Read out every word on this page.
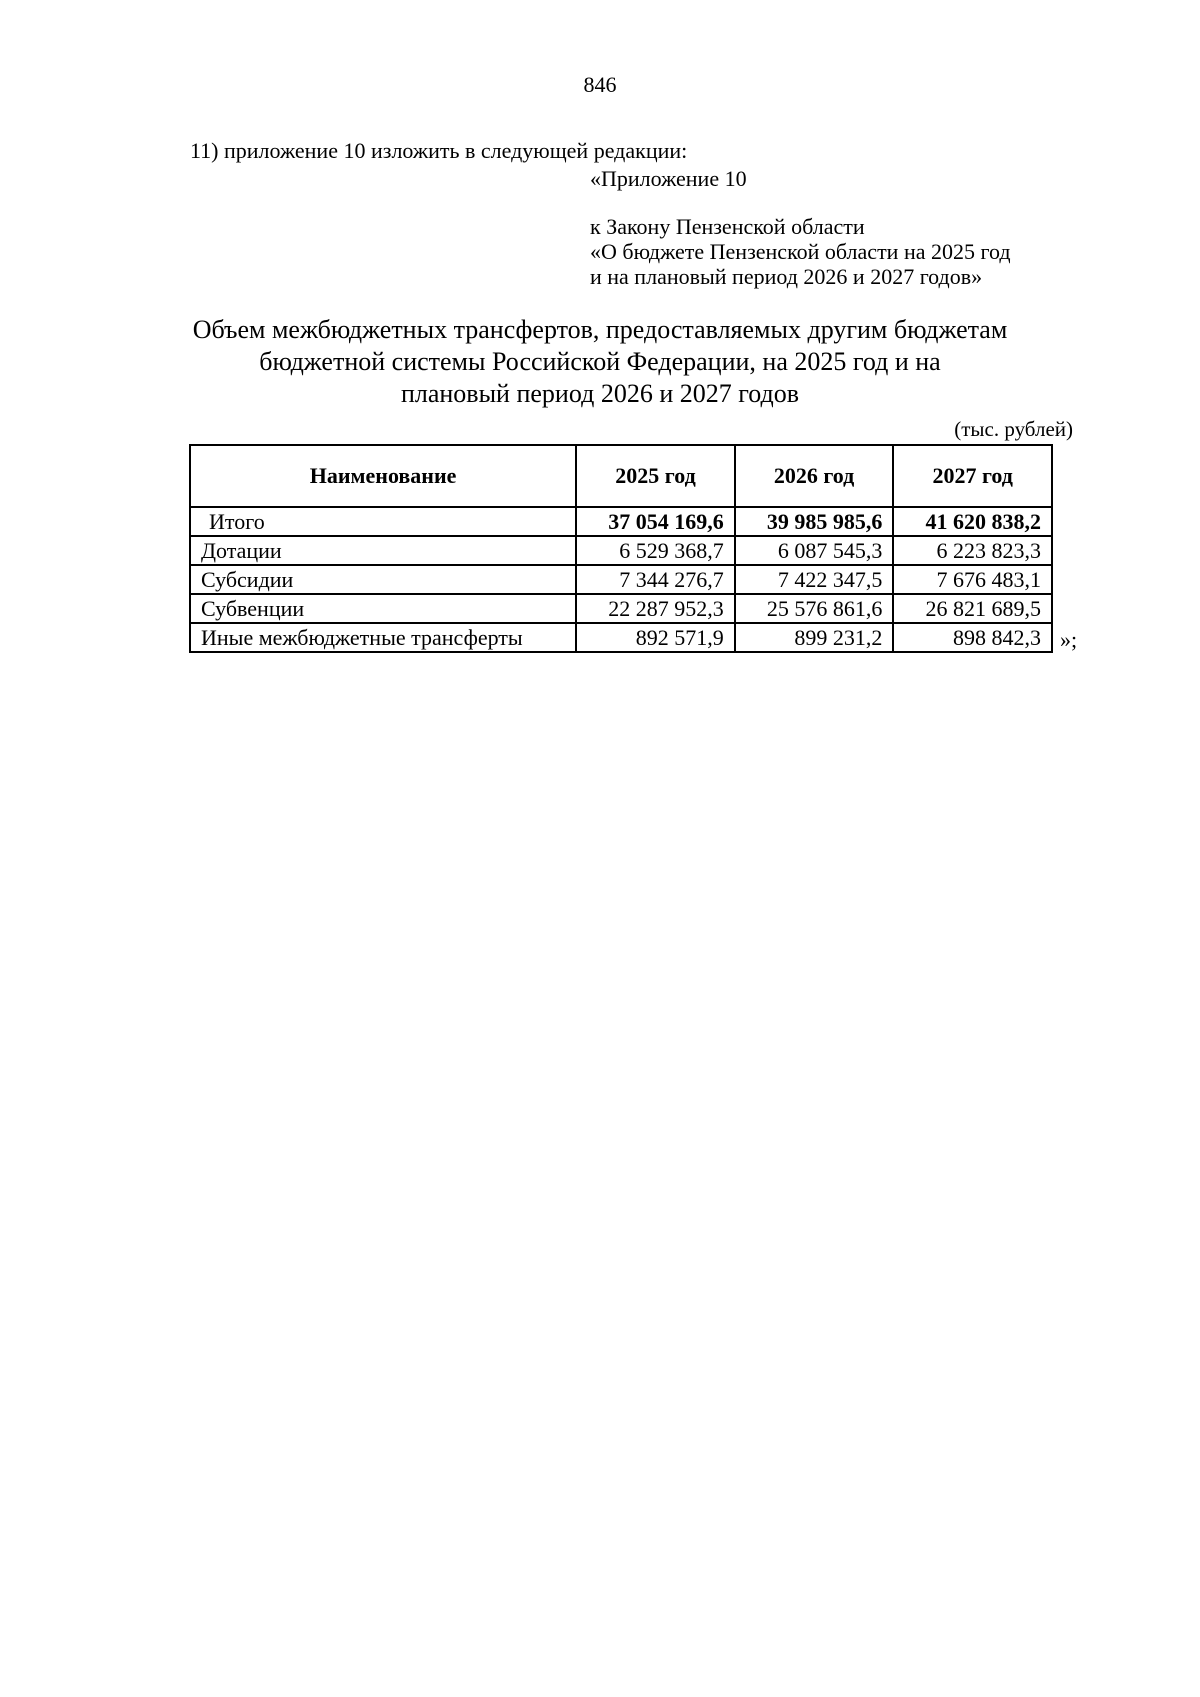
846
11) приложение 10 изложить в следующей редакции:
«Приложение 10
к Закону Пензенской области
«О бюджете Пензенской области на 2025 год
и на плановый период 2026 и 2027 годов»
Объем межбюджетных трансфертов, предоставляемых другим бюджетам
бюджетной системы Российской Федерации, на 2025 год и на
плановый период 2026 и 2027 годов
(тыс. рублей)
Наименование	2025 год	2026 год	2027 год
Итого	37 054 169,6	39 985 985,6	41 620 838,2
Дотации	6 529 368,7	6 087 545,3	6 223 823,3
Субсидии	7 344 276,7	7 422 347,5	7 676 483,1
Субвенции	22 287 952,3	25 576 861,6	26 821 689,5
Иные межбюджетные трансферты	892 571,9	899 231,2	898 842,3 »;
